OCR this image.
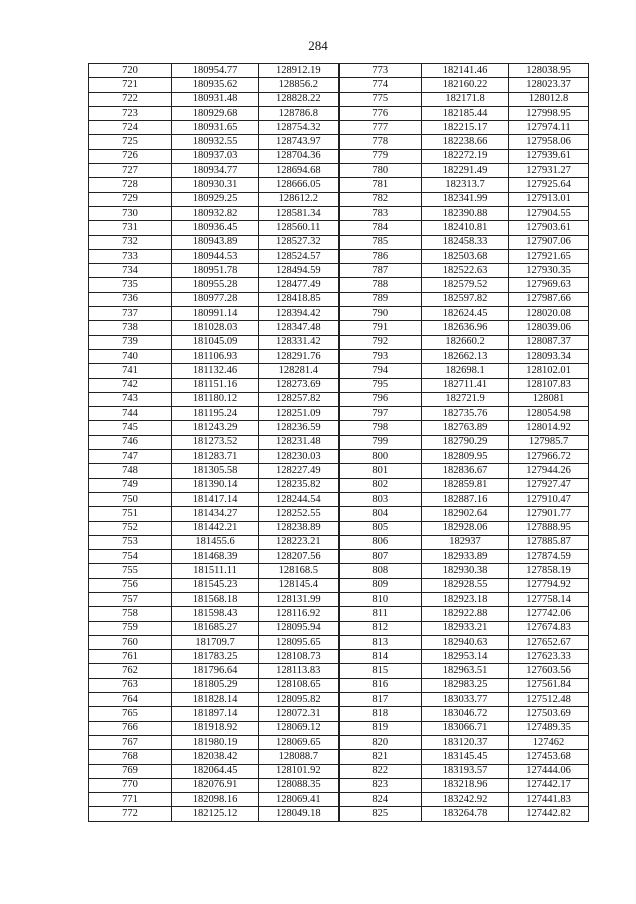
284
720	180954.77	128912.19	773	182141.46	128038.95
721	180935.62	128856.2	774	182160.22	128023.37
722	180931.48	128828.22	775	182171.8	128012.8
723	180929.68	128786.8	776	182185.44	127998.95
724	180931.65	128754.32	777	182215.17	127974.11
725	180932.55	128743.97	778	182238.66	127958.06
726	180937.03	128704.36	779	182272.19	127939.61
727	180934.77	128694.68	780	182291.49	127931.27
728	180930.31	128666.05	781	182313.7	127925.64
729	180929.25	128612.2	782	182341.99	127913.01
730	180932.82	128581.34	783	182390.88	127904.55
731	180936.45	128560.11	784	182410.81	127903.61
732	180943.89	128527.32	785	182458.33	127907.06
733	180944.53	128524.57	786	182503.68	127921.65
734	180951.78	128494.59	787	182522.63	127930.35
735	180955.28	128477.49	788	182579.52	127969.63
736	180977.28	128418.85	789	182597.82	127987.66
737	180991.14	128394.42	790	182624.45	128020.08
738	181028.03	128347.48	791	182636.96	128039.06
739	181045.09	128331.42	792	182660.2	128087.37
740	181106.93	128291.76	793	182662.13	128093.34
741	181132.46	128281.4	794	182698.1	128102.01
742	181151.16	128273.69	795	182711.41	128107.83
743	181180.12	128257.82	796	182721.9	128081
744	181195.24	128251.09	797	182735.76	128054.98
745	181243.29	128236.59	798	182763.89	128014.92
746	181273.52	128231.48	799	182790.29	127985.7
747	181283.71	128230.03	800	182809.95	127966.72
748	181305.58	128227.49	801	182836.67	127944.26
749	181390.14	128235.82	802	182859.81	127927.47
750	181417.14	128244.54	803	182887.16	127910.47
751	181434.27	128252.55	804	182902.64	127901.77
752	181442.21	128238.89	805	182928.06	127888.95
753	181455.6	128223.21	806	182937	127885.87
754	181468.39	128207.56	807	182933.89	127874.59
755	181511.11	128168.5	808	182930.38	127858.19
756	181545.23	128145.4	809	182928.55	127794.92
757	181568.18	128131.99	810	182923.18	127758.14
758	181598.43	128116.92	811	182922.88	127742.06
759	181685.27	128095.94	812	182933.21	127674.83
760	181709.7	128095.65	813	182940.63	127652.67
761	181783.25	128108.73	814	182953.14	127623.33
762	181796.64	128113.83	815	182963.51	127603.56
763	181805.29	128108.65	816	182983.25	127561.84
764	181828.14	128095.82	817	183033.77	127512.48
765	181897.14	128072.31	818	183046.72	127503.69
766	181918.92	128069.12	819	183066.71	127489.35
767	181980.19	128069.65	820	183120.37	127462
768	182038.42	128088.7	821	183145.45	127453.68
769	182064.45	128101.92	822	183193.57	127444.06
770	182076.91	128088.35	823	183218.96	127442.17
771	182098.16	128069.41	824	183242.92	127441.83
772	182125.12	128049.18	825	183264.78	127442.82
